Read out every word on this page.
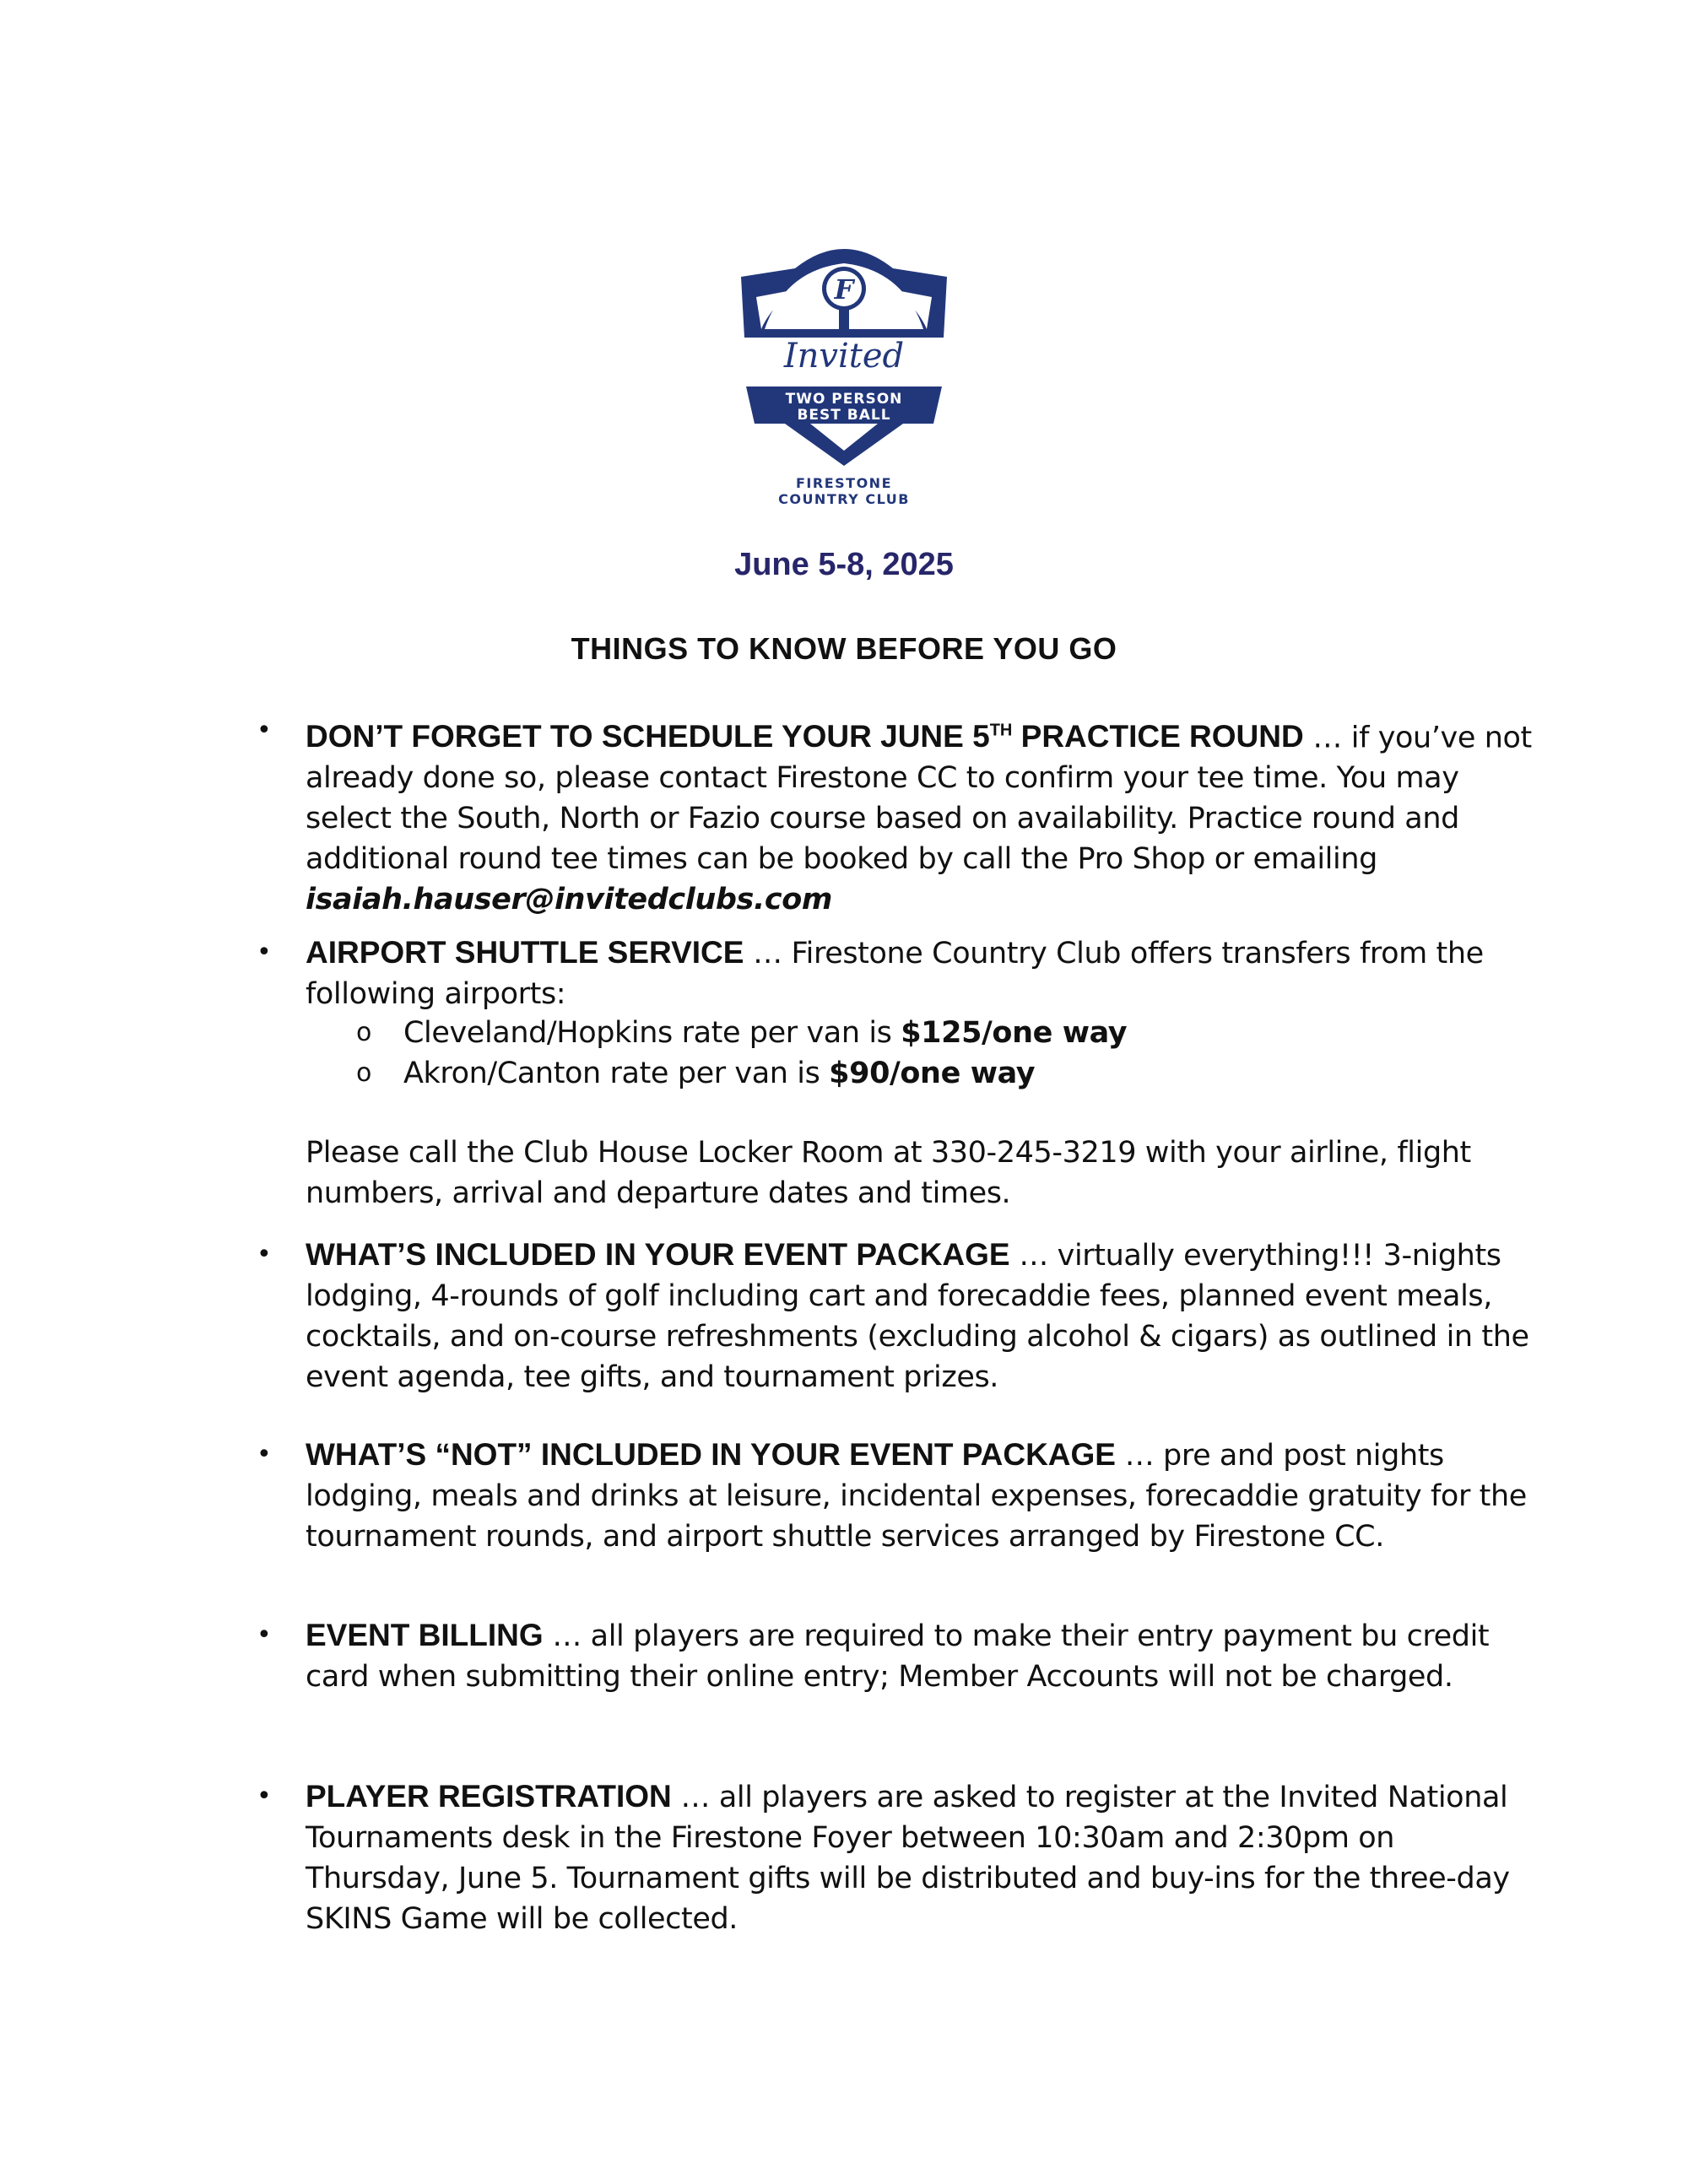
F
Invited
TWO PERSON
BEST BALL
FIRESTONE
COUNTRY CLUB
June 5-8, 2025
THINGS TO KNOW BEFORE YOU GO
• DON’T FORGET TO SCHEDULE YOUR JUNE 5TH PRACTICE ROUND … if you’ve not already done so, please contact Firestone CC to confirm your tee time. You may select the South, North or Fazio course based on availability. Practice round and additional round tee times can be booked by call the Pro Shop or emailing isaiah.hauser@invitedclubs.com
• AIRPORT SHUTTLE SERVICE … Firestone Country Club offers transfers from the following airports:
o Cleveland/Hopkins rate per van is $125/one way
o Akron/Canton rate per van is $90/one way
Please call the Club House Locker Room at 330-245-3219 with your airline, flight numbers, arrival and departure dates and times.
• WHAT’S INCLUDED IN YOUR EVENT PACKAGE … virtually everything!!! 3-nights lodging, 4-rounds of golf including cart and forecaddie fees, planned event meals, cocktails, and on-course refreshments (excluding alcohol & cigars) as outlined in the event agenda, tee gifts, and tournament prizes.
• WHAT’S “NOT” INCLUDED IN YOUR EVENT PACKAGE … pre and post nights lodging, meals and drinks at leisure, incidental expenses, forecaddie gratuity for the tournament rounds, and airport shuttle services arranged by Firestone CC.
• EVENT BILLING … all players are required to make their entry payment bu credit card when submitting their online entry; Member Accounts will not be charged.
• PLAYER REGISTRATION … all players are asked to register at the Invited National Tournaments desk in the Firestone Foyer between 10:30am and 2:30pm on Thursday, June 5. Tournament gifts will be distributed and buy-ins for the three-day SKINS Game will be collected.
